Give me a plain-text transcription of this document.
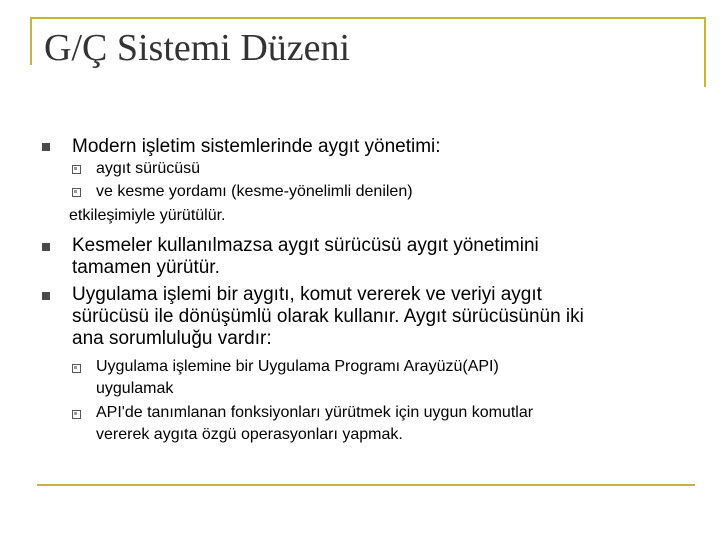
G/Ç Sistemi Düzeni
Modern işletim sistemlerinde aygıt yönetimi:
aygıt sürücüsü
ve kesme yordamı (kesme-yönelimli denilen)
etkileşimiyle yürütülür.
Kesmeler kullanılmazsa aygıt sürücüsü aygıt yönetimini
tamamen yürütür.
Uygulama işlemi bir aygıtı, komut vererek ve veriyi aygıt
sürücüsü ile dönüşümlü olarak kullanır. Aygıt sürücüsünün iki
ana sorumluluğu vardır:
Uygulama işlemine bir Uygulama Programı Arayüzü(API)
uygulamak
API'de tanımlanan fonksiyonları yürütmek için uygun komutlar
vererek aygıta özgü operasyonları yapmak.
